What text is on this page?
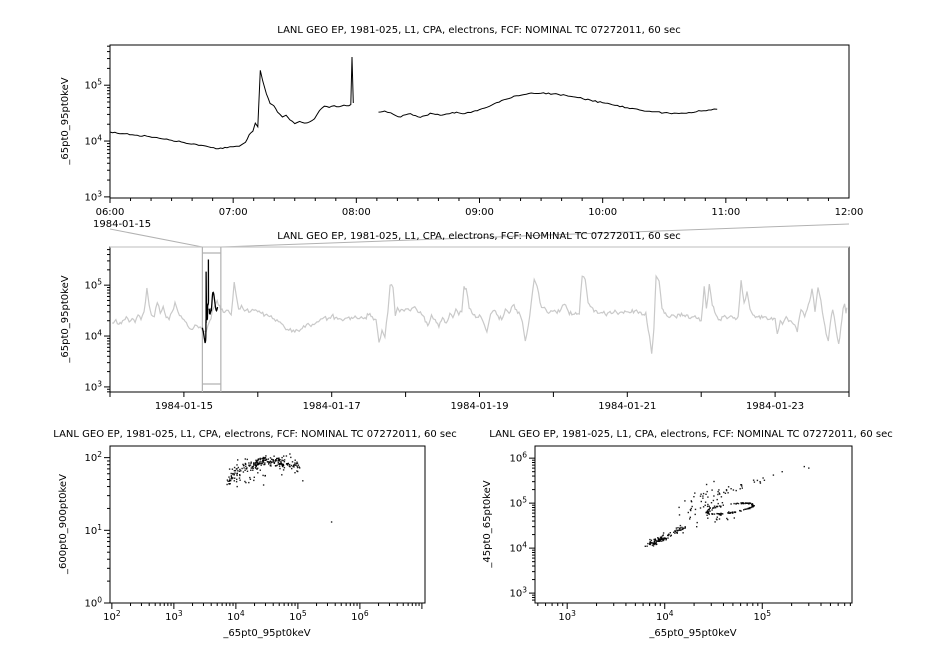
$10^3$
$10^4$
$10^5$
06:00	07:00	08:00	09:00	10:00	11:00	12:00
$10^3$
$10^4$
$10^5$
1984-01-15	1984-01-17	1984-01-19	1984-01-21	1984-01-23
$10^0$
$10^1$
$10^2$
$10^2$	$10^3$	$10^4$	$10^5$	$10^6$
$10^3$
$10^4$
$10^5$
$10^6$
$10^3$	$10^4$	$10^5$
LANL GEO EP, 1981-025, L1, CPA, electrons, FCF: NOMINAL TC 07272011, 60 sec
_65pt0_95pt0keV
1984-01-15
LANL GEO EP, 1981-025, L1, CPA, electrons, FCF: NOMINAL TC 07272011, 60 sec
_65pt0_95pt0keV
LANL GEO EP, 1981-025, L1, CPA, electrons, FCF: NOMINAL TC 07272011, 60 sec
_600pt0_900pt0keV
_65pt0_95pt0keV
LANL GEO EP, 1981-025, L1, CPA, electrons, FCF: NOMINAL TC 07272011, 60 sec
_45pt0_65pt0keV
_65pt0_95pt0keV
